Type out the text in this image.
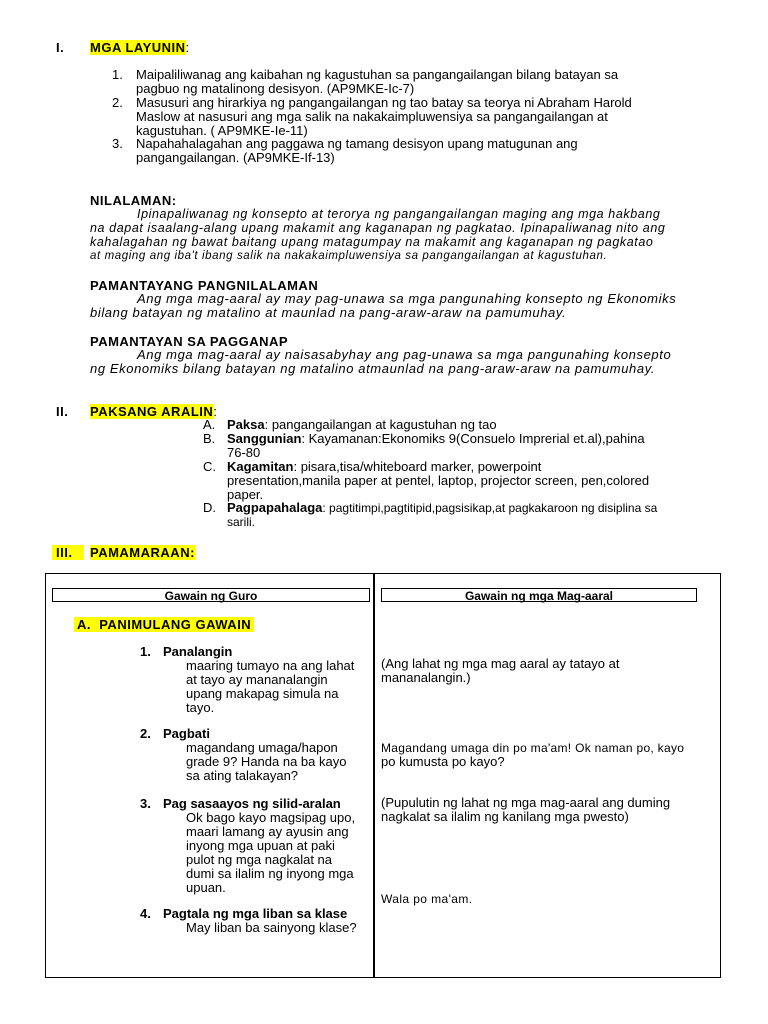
I. MGA LAYUNIN:
1. Maipaliliwanag ang kaibahan ng kagustuhan sa pangangailangan bilang batayan sa
pagbuo ng matalinong desisyon. (AP9MKE-Ic-7)
2. Masusuri ang hirarkiya ng pangangailangan ng tao batay sa teorya ni Abraham Harold
Maslow at nasusuri ang mga salik na nakakaimpluwensiya sa pangangailangan at
kagustuhan. ( AP9MKE-Ie-11)
3. Napahahalagahan ang paggawa ng tamang desisyon upang matugunan ang
pangangailangan. (AP9MKE-If-13)
NILALAMAN:
Ipinapaliwanag ng konsepto at terorya ng pangangailangan maging ang mga hakbang
na dapat isaalang-alang upang makamit ang kaganapan ng pagkatao. Ipinapaliwanag nito ang
kahalagahan ng bawat baitang upang matagumpay na makamit ang kaganapan ng pagkatao
at maging ang iba't ibang salik na nakakaimpluwensiya sa pangangailangan at kagustuhan.
PAMANTAYANG PANGNILALAMAN
Ang mga mag-aaral ay may pag-unawa sa mga pangunahing konsepto ng Ekonomiks
bilang batayan ng matalino at maunlad na pang-araw-araw na pamumuhay.
PAMANTAYAN SA PAGGANAP
Ang mga mag-aaral ay naisasabyhay ang pag-unawa sa mga pangunahing konsepto
ng Ekonomiks bilang batayan ng matalino atmaunlad na pang-araw-araw na pamumuhay.
II. PAKSANG ARALIN:
A. Paksa: pangangailangan at kagustuhan ng tao
B. Sanggunian: Kayamanan:Ekonomiks 9(Consuelo Imprerial et.al),pahina
76-80
C. Kagamitan: pisara,tisa/whiteboard marker, powerpoint
presentation,manila paper at pentel, laptop, projector screen, pen,colored
paper.
D. Pagpapahalaga: pagtitimpi,pagtitipid,pagsisikap,at pagkakaroon ng disiplina sa
sarili.
III.	PAMAMARAAN:
Gawain ng Guro	Gawain ng mga Mag-aaral
A.  PANIMULANG GAWAIN
1. Panalangin
maaring tumayo na ang lahat
at tayo ay mananalangin
upang makapag simula na
tayo.
2. Pagbati
magandang umaga/hapon
grade 9? Handa na ba kayo
sa ating talakayan?
3. Pag sasaayos ng silid-aralan
Ok bago kayo magsipag upo,
maari lamang ay ayusin ang
inyong mga upuan at paki
pulot ng mga nagkalat na
dumi sa ilalim ng inyong mga
upuan.
4. Pagtala ng mga liban sa klase
May liban ba sainyong klase?
(Ang lahat ng mga mag aaral ay tatayo at
mananalangin.)
Magandang umaga din po ma'am! Ok naman po, kayo
po kumusta po kayo?
(Pupulutin ng lahat ng mga mag-aaral ang duming
nagkalat sa ilalim ng kanilang mga pwesto)
Wala po ma'am.
